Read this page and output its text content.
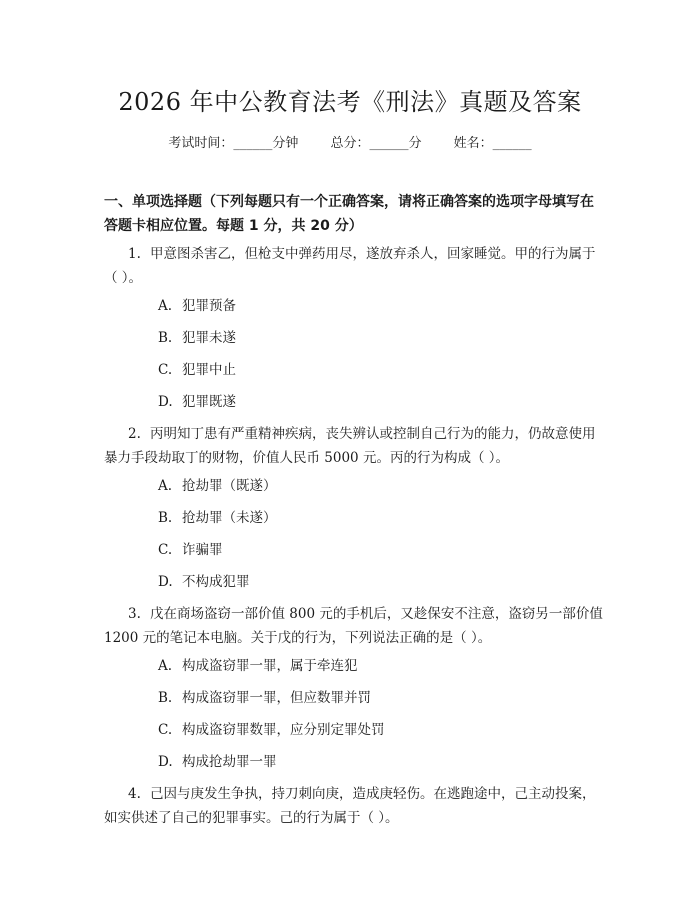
2026 年中公教育法考《刑法》真题及答案
考试时间：______分钟 总分：______分 姓名：______
一、单项选择题（下列每题只有一个正确答案，请将正确答案的选项字母填写在答题卡相应位置。每题 1 分，共 20 分）
1. 甲意图杀害乙，但枪支中弹药用尽，遂放弃杀人，回家睡觉。甲的行为属于（ ）。
A. 犯罪预备
B. 犯罪未遂
C. 犯罪中止
D. 犯罪既遂
2. 丙明知丁患有严重精神疾病，丧失辨认或控制自己行为的能力，仍故意使用暴力手段劫取丁的财物，价值人民币 5000 元。丙的行为构成（ ）。
A. 抢劫罪（既遂）
B. 抢劫罪（未遂）
C. 诈骗罪
D. 不构成犯罪
3. 戊在商场盗窃一部价值 800 元的手机后，又趁保安不注意，盗窃另一部价值 1200 元的笔记本电脑。关于戊的行为，下列说法正确的是（ ）。
A. 构成盗窃罪一罪，属于牵连犯
B. 构成盗窃罪一罪，但应数罪并罚
C. 构成盗窃罪数罪，应分别定罪处罚
D. 构成抢劫罪一罪
4. 己因与庚发生争执，持刀刺向庚，造成庚轻伤。在逃跑途中，己主动投案，如实供述了自己的犯罪事实。己的行为属于（ ）。
